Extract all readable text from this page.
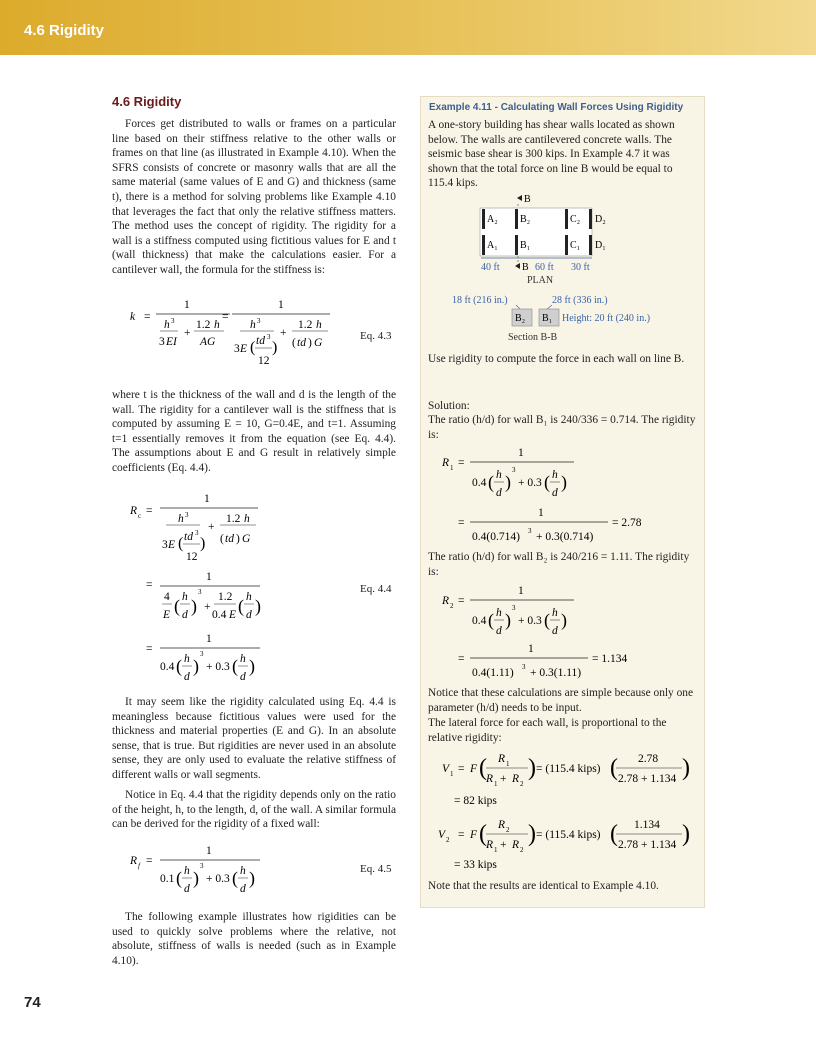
4.6 Rigidity
4.6 Rigidity

Forces get distributed to walls or frames on a particular line based on their stiffness relative to the other walls or frames on that line (as illustrated in Example 4.10). When the SFRS consists of concrete or masonry walls that are all the same material (same values of E and G) and thickness (same t), there is a method for solving problems like Example 4.10 that leverages the fact that only the relative stiffness matters. The method uses the concept of rigidity. The rigidity for a wall is a stiffness computed using fictitious values for E and t (wall thickness) that make the calculations easier. For a cantilever wall, the formula for the stiffness is:

k =
1
h 3
+
1.2 h
3 EI AG
=
1
h 3
3 E ( td 3
12
)
+
1.2 h
( td ) G
Eq. 4.3

where t is the thickness of the wall and d is the length of the wall. The rigidity for a cantilever wall is the stiffness that is computed by assuming E = 10, G=0.4E, and t=1. Assuming t=1 essentially removes it from the equation (see Eq. 4.4). The assumptions about E and G result in relatively simple coefficients (Eq. 4.4).

R c =
1
h 3
3 E ( td 3
12
)
+
1.2 h
( td ) G
=
1
4
E ( h
d )
3
+
1.2
0.4 E ( h
d )
=
1
0.4 ( h
d
)
3
+ 0.3 ( h
d
)
Eq. 4.4

It may seem like the rigidity calculated using Eq. 4.4 is meaningless because fictitious values were used for the thickness and material properties (E and G). In an absolute sense, that is true. But rigidities are never used in an absolute sense, they are only used to evaluate the relative stiffness of different walls or wall segments.

Notice in Eq. 4.4 that the rigidity depends only on the ratio of the height, h, to the length, d, of the wall. A similar formula can be derived for the rigidity of a fixed wall:

R f =
1
0.1 ( h
d
)
3
+ 0.3 ( h
d
)	Eq. 4.5

The following example illustrates how rigidities can be used to quickly solve problems where the relative, not absolute, stiffness of walls is needed (such as in Example 4.10).

74
Example 4.11 - Calculating Wall Forces Using Rigidity

A one-story building has shear walls located as shown below. The walls are cantilevered concrete walls. The seismic base shear is 300 kips. In Example 4.7 it was shown that the total force on line B would be equal to 115.4 kips.

B
A₂ B₂	C₂ D₂
A₁ B₁	C₁ D₁
40 ft B 60 ft 30 ft
PLAN
18 ft (216 in.)	28 ft (336 in.)
B₂ B₁ Height: 20 ft (240 in.)
Section B-B

Use rigidity to compute the force in each wall on line B.

Solution:

The ratio (h/d) for wall B₁ is 240/336 = 0.714. The rigidity is:

R 1 =
1
0.4 ( h
d
)
3
+ 0.3 ( h
d
)
=
1
0.4(0.714) 3 + 0.3(0.714)
= 2.78

The ratio (h/d) for wall B₂ is 240/216 = 1.11. The rigidity is:

R 2 =
1
0.4 ( h
d
)
3
+ 0.3 ( h
d
)
=
1
0.4(1.11) 3 + 0.3(1.11)
= 1.134

Notice that these calculations are simple because only one parameter (h/d) needs to be input.

The lateral force for each wall, is proportional to the relative rigidity:

V 1 = F ( R 1
R 1 + R 2
) = (115.4 kips) ( 2.78
2.78 + 1.134 )
= 82 kips
V 2 = F ( R 2
R 1 + R 2
) = (115.4 kips) ( 1.134
2.78 + 1.134 )
= 33 kips

Note that the results are identical to Example 4.10.
